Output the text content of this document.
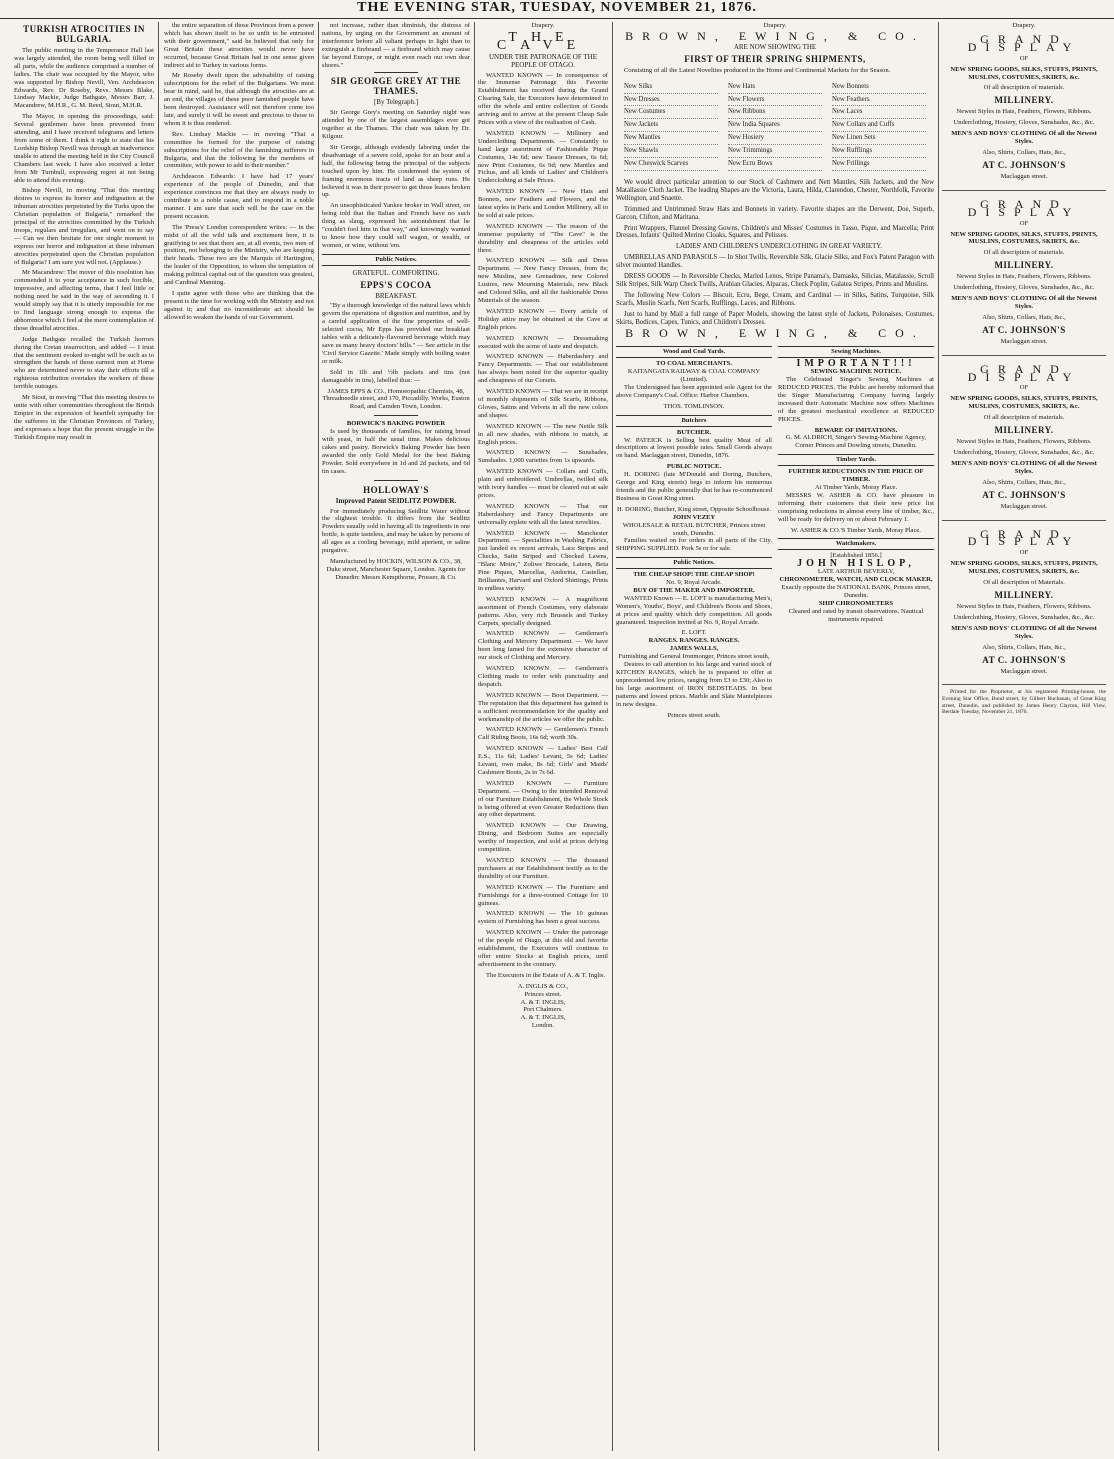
THE EVENING STAR, TUESDAY, NOVEMBER 21, 1876.
TURKISH ATROCITIES IN BULGARIA.

The public meeting in the Temperance Hall last was largely attended, the room being well filled in all parts, while the audience comprised a number of ladies. The chair was occupied by the Mayor, who was supported by Bishop Nevill, Ven. Archdeacon Edwards, Rev. Dr Roseby, Revs. Messrs Blake, Lindsay Mackie, Judge Bathgate, Messrs Barr, J. Macandrew, M.H.R., G. M. Reed, Stout, M.H.R.

The Mayor, in opening the proceedings, said: Several gentlemen have been prevented from attending, and I have received telegrams and letters from some of them. I think it right to state that his Lordship Bishop Nevill was through an inadvertence unable to attend the meeting held in the City Council Chambers last week. I have also received a letter from Mr Turnbull, expressing regret at not being able to attend this evening.

Bishop Nevill, in moving "That this meeting desires to express its horror and indignation at the inhuman atrocities perpetrated by the Turks upon the Christian population of Bulgaria," remarked the principal of the atrocities committed by the Turkish troops, regulars and irregulars, and went on to say — Can we then hesitate for one single moment to express our horror and indignation at these inhuman atrocities perpetrated upon the Christian population of Bulgaria? I am sure you will not. (Applause.)

Mr Macandrew: The mover of this resolution has commended it to your acceptance in such forcible, impressive, and affecting terms, that I feel little or nothing need be said in the way of seconding it. I would simply say that it is utterly impossible for me to find language strong enough to express the abhorrence which I feel at the mere contemplation of those dreadful atrocities.

Judge Bathgate recalled the Turkish horrors during the Cretan insurrection, and added — I trust that the sentiment evoked to-night will be such as to strengthen the hands of those earnest men at Home who are determined never to stay their efforts till a righteous retribution overtakes the workers of these terrible outrages.

Mr Stout, in moving "That this meeting desires to unite with other communities throughout the British Empire in the expression of heartfelt sympathy for the sufferers in the Christian Provinces of Turkey, and expresses a hope that the present struggle in the Turkish Empire may result in

the entire separation of those Provinces from a power which has shown itself to be so unfit to be entrusted with their government," said he believed that only for Great Britain these atrocities would never have occurred, because Great Britain had in one sense given indirect aid to Turkey in various forms.

Mr Roseby dwelt upon the advisability of raising subscriptions for the relief of the Bulgarians. We must bear in mind, said he, that although the atrocities are at an end, the villages of these poor famished people have been destroyed. Assistance will not therefore come too late, and surely it will be sweet and precious to those to whom it is thus rendered.

Rev. Lindsay Mackie — in moving "That a committee be formed for the purpose of raising subscriptions for the relief of the famishing sufferers in Bulgaria, and that the following be the members of committee, with power to add to their number."

Archdeacon Edwards: I have had 17 years' experience of the people of Dunedin, and that experience convinces me that they are always ready to contribute to a noble cause, and to respond in a noble manner. I am sure that such will be the case on the present occasion.

The 'Press's' London correspondent writes: — In the midst of all the wild talk and excitement here, it is gratifying to see that there are, at all events, two men of position, not belonging to the Ministry, who are keeping their heads. These two are the Marquis of Hartington, the leader of the Opposition, to whom the temptation of making political capital out of the question was greatest, and Cardinal Manning.

I quite agree with those who are thinking that the present is the time for working with the Ministry and not against it; and that no inconsiderate act should be allowed to weaken the hands of our Government.

not increase, rather than diminish, the distress of nations, by urging on the Government an amount of interference before all valiant perhaps to light than to extinguish a firebrand — a firebrand which may cause far beyond Europe, or might even reach our own dear shores."

SIR GEORGE GREY AT THE THAMES.
[By Telegraph.]

Sir George Grey's meeting on Saturday night was attended by one of the largest assemblages ever got together at the Thames. The chair was taken by Dr. Kilgour.

Sir George, although evidently laboring under the disadvantage of a severe cold, spoke for an hour and a half, the following being the principal of the subjects touched upon by him. He condemned the system of framing enormous tracts of land as sheep runs. He believed it was in their power to get those leases broken up.

An unsophisticated Yankee broker in Wall street, on being told that the Italian and French have no such thing as slang, expressed his astonishment that he "couldn't fool him in that way," and knowingly wanted to know how they could sell wagon, or wealth, or women, or wine, without 'em.

Public Notices.
GRATEFUL. COMFORTING.
EPPS'S COCOA
BREAKFAST.

"By a thorough knowledge of the natural laws which govern the operations of digestion and nutrition, and by a careful application of the fine properties of well-selected cocoa, Mr Epps has provided our breakfast tables with a delicately-flavoured beverage which may save us many heavy doctors' bills." — See article in the 'Civil Service Gazette.' Made simply with boiling water or milk.

Sold in 1lb and ½lb packets and tins (not damageable in tins), labelled thus: —

JAMES EPPS & CO., Homoeopathic Chemists, 48, Threadneedle street, and 170, Piccadilly. Works, Euston Road, and Camden Town, London.
BORWICK'S BAKING POWDER

Is used by thousands of families, for raising bread with yeast, in half the usual time. Makes delicious cakes and pastry. Borwick's Baking Powder has been awarded the only Gold Medal for the best Baking Powder. Sold everywhere in 1d and 2d packets, and 6d tin cases.

HOLLOWAY'S
Improved Patent SEIDLITZ POWDER.

For immediately producing Seidlitz Water without the slightest trouble. It differs from the Seidlitz Powders usually sold in having all its ingredients in one bottle, is quite tasteless, and may be taken by persons of all ages as a cooling beverage, mild aperient, or saline purgative.

Manufactured by HOCKIN, WILSON & CO., 38, Duke street, Manchester Square, London. Agents for Dunedin: Messrs Kempthorne, Prosser, & Co.
Drapery.
THE CAVE
UNDER THE PATRONAGE OF THE PEOPLE OF OTAGO.

WANTED KNOWN — In consequence of the Immense Patronage this Favorite Establishment has received during the Grand Clearing Sale, the Executors have determined to offer the whole and entire collection of Goods arriving and to arrive at the present Cheap Sale Prices with a view of the realisation of Cash.

WANTED KNOWN — Millinery and Underclothing Departments. — Constantly to hand large assortment of Fashionable Pique Costumes, 14s 6d; new Tassor Dresses, 6s 6d; new Print Costumes, 6s 9d; new Mantles and Fichus, and all kinds of Ladies' and Children's Underclothing at Sale Prices.

WANTED KNOWN — New Hats and Bonnets, new Feathers and Flowers, and the latest styles in Paris and London Millinery, all to be sold at sale prices.

WANTED KNOWN — The reason of the immense popularity of "The Cave" is the durability and cheapness of the articles sold there.

WANTED KNOWN — Silk and Dress Department. — New Fancy Dresses, from 8s; new Muslins, new Grenadines, new Colored Lustres, new Mourning Materials, new Black and Colored Silks, and all the fashionable Dress Materials of the season.

WANTED KNOWN — Every article of Holiday attire may be obtained at the Cave at English prices.

WANTED KNOWN — Dressmaking executed with the acme of taste and despatch.

WANTED KNOWN — Haberdashery and Fancy Departments. — That our establishment has always been noted for the superior quality and cheapness of our Corsets.

WANTED KNOWN — That we are in receipt of monthly shipments of Silk Scarfs, Ribbons, Gloves, Satins and Velvets in all the new colors and shapes.

WANTED KNOWN — The new Nettle Silk in all new shades, with ribbons to match, at English prices.

WANTED KNOWN — Sunshades, Sunshades. 1,000 varieties from 1s upwards.

WANTED KNOWN — Collars and Cuffs, plain and embroidered. Umbrellas, twilled silk with ivory handles — must be cleared out at sale prices.

WANTED KNOWN — That our Haberdashery and Fancy Departments are universally replete with all the latest novelties.

WANTED KNOWN — Manchester Department. — Specialities in Washing Fabrics, just landed ex recent arrivals, Lace Stripes and Checks, Satin Striped and Checked Lawns, "Blanc Moire," Zoliwe Brocade, Lateen, Beta Pine Piques, Marcellas, Andorina, Castellan, Brilliantes, Harvard and Oxford Shirtings, Prints in endless variety.

WANTED KNOWN — A magnificent assortment of French Costumes, very elaborate patterns. Also, very rich Brussels and Turkey Carpets, specially designed.

WANTED KNOWN — Gentlemen's Clothing and Mercery Department. — We have been long famed for the extensive character of our stock of Clothing and Mercery.

WANTED KNOWN — Gentlemen's Clothing made to order with punctuality and despatch.

WANTED KNOWN — Boot Department. — The reputation that this department has gained is a sufficient recommendation for the quality and workmanship of the articles we offer the public.

WANTED KNOWN — Gentlemen's French Calf Riding Boots, 16s 6d; worth 30s.

WANTED KNOWN — Ladies' Best Calf E.S., 11s 6d; Ladies' Levant, 5s 6d; Ladies' Levant, own make, 8s 6d; Girls' and Maids' Cashmere Boots, 2s to 7s 6d.

WANTED KNOWN — Furniture Department. — Owing to the intended Removal of our Furniture Establishment, the Whole Stock is being offered at even Greater Reductions than any other department.

WANTED KNOWN — Our Drawing, Dining, and Bedroom Suites are especially worthy of inspection, and sold at prices defying competition.

WANTED KNOWN — The thousand purchasers at our Establishment testify as to the durability of our Furniture.

WANTED KNOWN — The Furniture and Furnishings for a three-roomed Cottage for 10 guineas.

WANTED KNOWN — The 10 guineas system of Furnishing has been a great success.

WANTED KNOWN — Under the patronage of the people of Otago, at this old and favorite establishment, the Executors will continue to offer entire Stocks at English prices, until advertisement to the contrary.

The Executors in the Estate of A. & T. Inglis.

A. INGLIS & CO.,
Princes street.
A. & T. INGLIS,
Port Chalmers.
A. & T. INGLIS,
London.
Drapery.
BROWN, EWING, & CO.
ARE NOW SHOWING THE
FIRST OF THEIR SPRING SHIPMENTS,

Consisting of all the Latest Novelties produced in the Home and Continental Markets for the Season.

New Silks	New Hats	New Bonnets
New Dresses	New Flowers	New Feathers
New Costumes	New Ribbons	New Laces
New Jackets	New India Squares	New Collars and Cuffs
New Mantles	New Hosiery	New Linen Sets
New Shawls	New Trimmings	New Rufflings
New Cheswick Scarves	New Ecru Bows	New Frillings

We would direct particular attention to our Stock of Cashmere and Nett Mantles, Silk Jackets, and the New Matallassie Cloth Jacket. The leading Shapes are the Victoria, Laura, Hilda, Clarendon, Chester, Northfolk, Favorite Wellington, and Snaette.

Trimmed and Untrimmed Straw Hats and Bonnets in variety. Favorite shapes are the Derwent, Doe, Superb, Garcon, Clifton, and Maritana.

Print Wrappers, Flannel Dressing Gowns, Children's and Misses' Costumes in Tasso, Pique, and Marcella; Print Dresses, Infants' Quilted Merino Cloaks, Squares, and Pelisses.

LADIES' AND CHILDREN'S UNDERCLOTHING IN GREAT VARIETY.

UMBRELLAS AND PARASOLS — In Shot Twills, Reversible Silk, Glacie Silks, and Fox's Patent Paragon with silver mounted Handles.

DRESS GOODS — In Reversible Checks, Marled Lenos, Stripe Panama's, Damasks, Silicias, Matalassie, Scroll Silk Stripes, Silk Warp Check Twills, Arabian Glacies, Alpacas, Check Poplin, Galatea Stripes, Prints and Muslins.

The following New Colors — Biscuit, Ecru, Bege, Cream, and Cardinal — in Silks, Satins, Turquoise, Silk Scarfs, Muslin Scarfs, Nett Scarfs, Rufflings, Laces, and Ribbons.

Just to hand by Mail a full range of Paper Models, showing the latest style of Jackets, Polonaises, Costumes, Skirts, Bodices, Capes, Tunics, and Children's Dresses.

BROWN, EWING, & CO.
Wood and Coal Yards.
TO COAL MERCHANTS.
KAITANGATA RAILWAY & COAL COMPANY (Limited).

The Undersigned has been appointed sole Agent for the above Company's Coal. Office: Harbor Chambers.

THOS. TOMLINSON.
Butchers
BUTCHER.

W. PATEICK is Selling best quality Meat of all descriptions at lowest possible rates. Small Goods always on hand. Maclaggan street, Dunedin, 1876.

PUBLIC NOTICE.

H. DORING (late M'Donald and Doring, Butchers, George and King streets) begs to inform his numerous friends and the public generally that he has re-commenced Business in Great King street.

H. DORING, Butcher, King street, Opposite Schoolhouse.
JOHN VEZEY
WHOLESALE & RETAIL BUTCHER, Princes street south, Dunedin.

Families waited on for orders in all parts of the City. SHIPPING SUPPLIED. Pork 5s or for sale.

Public Notices.
THE CHEAP SHOP! THE CHEAP SHOP!
No. 9, Royal Arcade.
BUY OF THE MAKER AND IMPORTER.

WANTED Known — E. LOFT is manufacturing Men's, Women's, Youths', Boys', and Children's Boots and Shoes, at prices and quality which defy competition. All goods guaranteed. Inspection invited at No. 9, Royal Arcade.

E. LOFT.
RANGES. RANGES. RANGES.
JAMES WALLS,
Furnishing and General Ironmonger, Princes street south,

Desires to call attention to his large and varied stock of KITCHEN RANGES, which he is prepared to offer at unprecedented low prices, ranging from £3 to £30; Also to his large assortment of IRON BEDSTEADS. In best patterns and lowest prices. Marble and Slate Mantelpieces in new designs.

Princes street south.
Sewing Machines.
IMPORTANT!!!
SEWING MACHINE NOTICE.

The Celebrated Singer's Sewing Machines at REDUCED PRICES. The Public are hereby informed that the Singer Manufacturing Company having largely increased their Automatic Machine now offers Machines of the greatest mechanical excellence at REDUCED PRICES.

BEWARE OF IMITATIONS.
G. M. ALDRICH, Singer's Sewing-Machine Agency, Corner Princes and Dowling streets, Dunedin.
Timber Yards.
FURTHER REDUCTIONS IN THE PRICE OF TIMBER.
At Timber Yards, Moray Place.

MESSRS W. ASHER & CO. have pleasure in informing their customers that their new price list comprising reductions in almost every line of timber, &c., will be ready for delivery on or about February 1.

W. ASHER & CO.'S Timber Yards, Moray Place.
Watchmakers.
[Established 1856.]
JOHN HISLOP,
LATE ARTHUR BEVERLY,
CHRONOMETER, WATCH, AND CLOCK MAKER,
Exactly opposite the NATIONAL BANK, Princes street, Dunedin.
SHIP CHRONOMETERS
Cleaned and rated by transit observations. Nautical instruments repaired.
Drapery.
GRAND DISPLAY
OF
NEW SPRING GOODS, SILKS, STUFFS, PRINTS, MUSLINS, COSTUMES, SKIRTS, &c.
Of all description of materials.
MILLINERY.
Newest Styles in Hats, Feathers, Flowers, Ribbons.
Underclothing, Hosiery, Gloves, Sunshades, &c., &c.
MEN'S AND BOYS' CLOTHING Of all the Newest Styles.
Also, Shirts, Collars, Hats, &c.,
AT C. JOHNSON'S
Maclaggan street.
GRAND DISPLAY
OF
NEW SPRING GOODS, SILKS, STUFFS, PRINTS, MUSLINS, COSTUMES, SKIRTS, &c.
Of all description of materials.
MILLINERY.
Newest Styles in Hats, Feathers, Flowers, Ribbons.
Underclothing, Hosiery, Gloves, Sunshades, &c., &c.
MEN'S AND BOYS' CLOTHING Of all the Newest Styles.
Also, Shirts, Collars, Hats, &c.,
AT C. JOHNSON'S
Maclaggan street.
GRAND DISPLAY
OF
NEW SPRING GOODS, SILKS, STUFFS, PRINTS, MUSLINS, COSTUMES, SKIRTS, &c.
Of all description of materials.
MILLINERY.
Newest Styles in Hats, Feathers, Flowers, Ribbons.
Underclothing, Hosiery, Gloves, Sunshades, &c., &c.
MEN'S AND BOYS' CLOTHING Of all the Newest Styles.
Also, Shirts, Collars, Hats, &c.,
AT C. JOHNSON'S
Maclaggan street.
GRAND DISPLAY
OF
NEW SPRING GOODS, SILKS, STUFFS, PRINTS, MUSLINS, COSTUMES, SKIRTS, &c.
Of all description of Materials.
MILLINERY.
Newest Styles in Hats, Feathers, Flowers, Ribbons.
Underclothing, Hosiery, Gloves, Sunshades, &c., &c.
MEN'S AND BOYS' CLOTHING Of all the Newest Styles.
Also, Shirts, Collars, Hats, &c.,
AT C. JOHNSON'S
Maclaggan street.

Printed for the Proprietor, at his registered Printing-house, the Evening Star Office, Bond street, by Gilbert Buchanan, of Great King street, Dunedin, and published by James Henry Clayton, Hill View, Berdale Tuesday, November 21, 1876.
